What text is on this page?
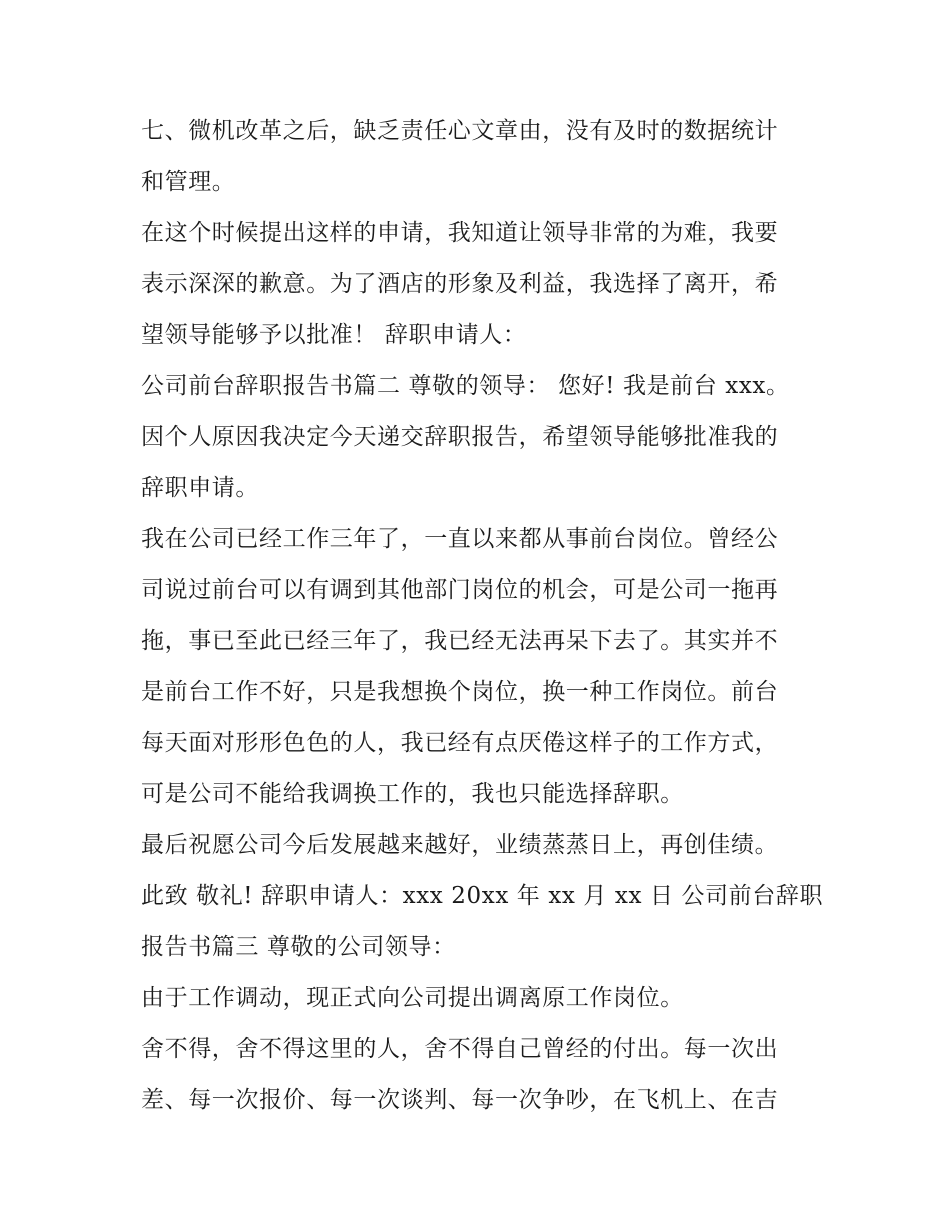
七、微机改革之后，缺乏责任心文章由，没有及时的数据统计
和管理。

在这个时候提出这样的申请，我知道让领导非常的为难，我要
表示深深的歉意。为了酒店的形象及利益，我选择了离开，希
望领导能够予以批准！ 辞职申请人：

公司前台辞职报告书篇二 尊敬的领导： 您好! 我是前台 xxx。
因个人原因我决定今天递交辞职报告，希望领导能够批准我的
辞职申请。

我在公司已经工作三年了，一直以来都从事前台岗位。曾经公
司说过前台可以有调到其他部门岗位的机会，可是公司一拖再
拖，事已至此已经三年了，我已经无法再呆下去了。其实并不
是前台工作不好，只是我想换个岗位，换一种工作岗位。前台
每天面对形形色色的人，我已经有点厌倦这样子的工作方式，
可是公司不能给我调换工作的，我也只能选择辞职。

最后祝愿公司今后发展越来越好，业绩蒸蒸日上，再创佳绩。

此致 敬礼! 辞职申请人：xxx 20xx 年 xx 月 xx 日 公司前台辞职
报告书篇三 尊敬的公司领导：

由于工作调动，现正式向公司提出调离原工作岗位。

舍不得，舍不得这里的人，舍不得自己曾经的付出。每一次出
差、每一次报价、每一次谈判、每一次争吵，在飞机上、在吉
